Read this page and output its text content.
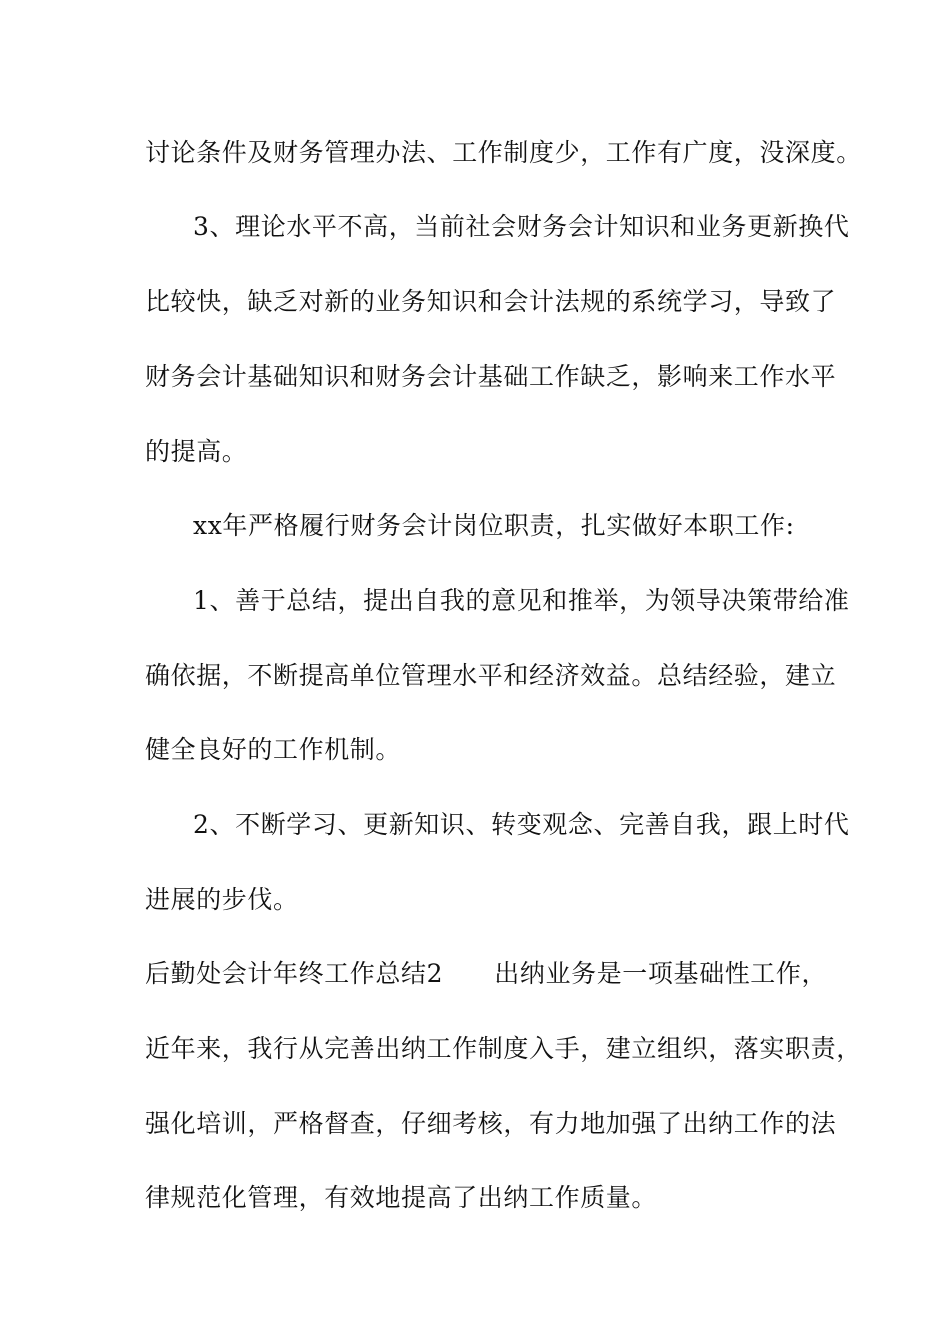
讨论条件及财务管理办法、工作制度少，工作有广度，没深度。
3、理论水平不高，当前社会财务会计知识和业务更新换代
比较快，缺乏对新的业务知识和会计法规的系统学习，导致了
财务会计基础知识和财务会计基础工作缺乏，影响来工作水平
的提高。
xx年严格履行财务会计岗位职责，扎实做好本职工作:
1、善于总结，提出自我的意见和推举，为领导决策带给准
确依据，不断提高单位管理水平和经济效益。总结经验，建立
健全良好的工作机制。
2、不断学习、更新知识、转变观念、完善自我，跟上时代
进展的步伐。
后勤处会计年终工作总结2　　出纳业务是一项基础性工作，
近年来，我行从完善出纳工作制度入手，建立组织，落实职责，
强化培训，严格督查，仔细考核，有力地加强了出纳工作的法
律规范化管理，有效地提高了出纳工作质量。
